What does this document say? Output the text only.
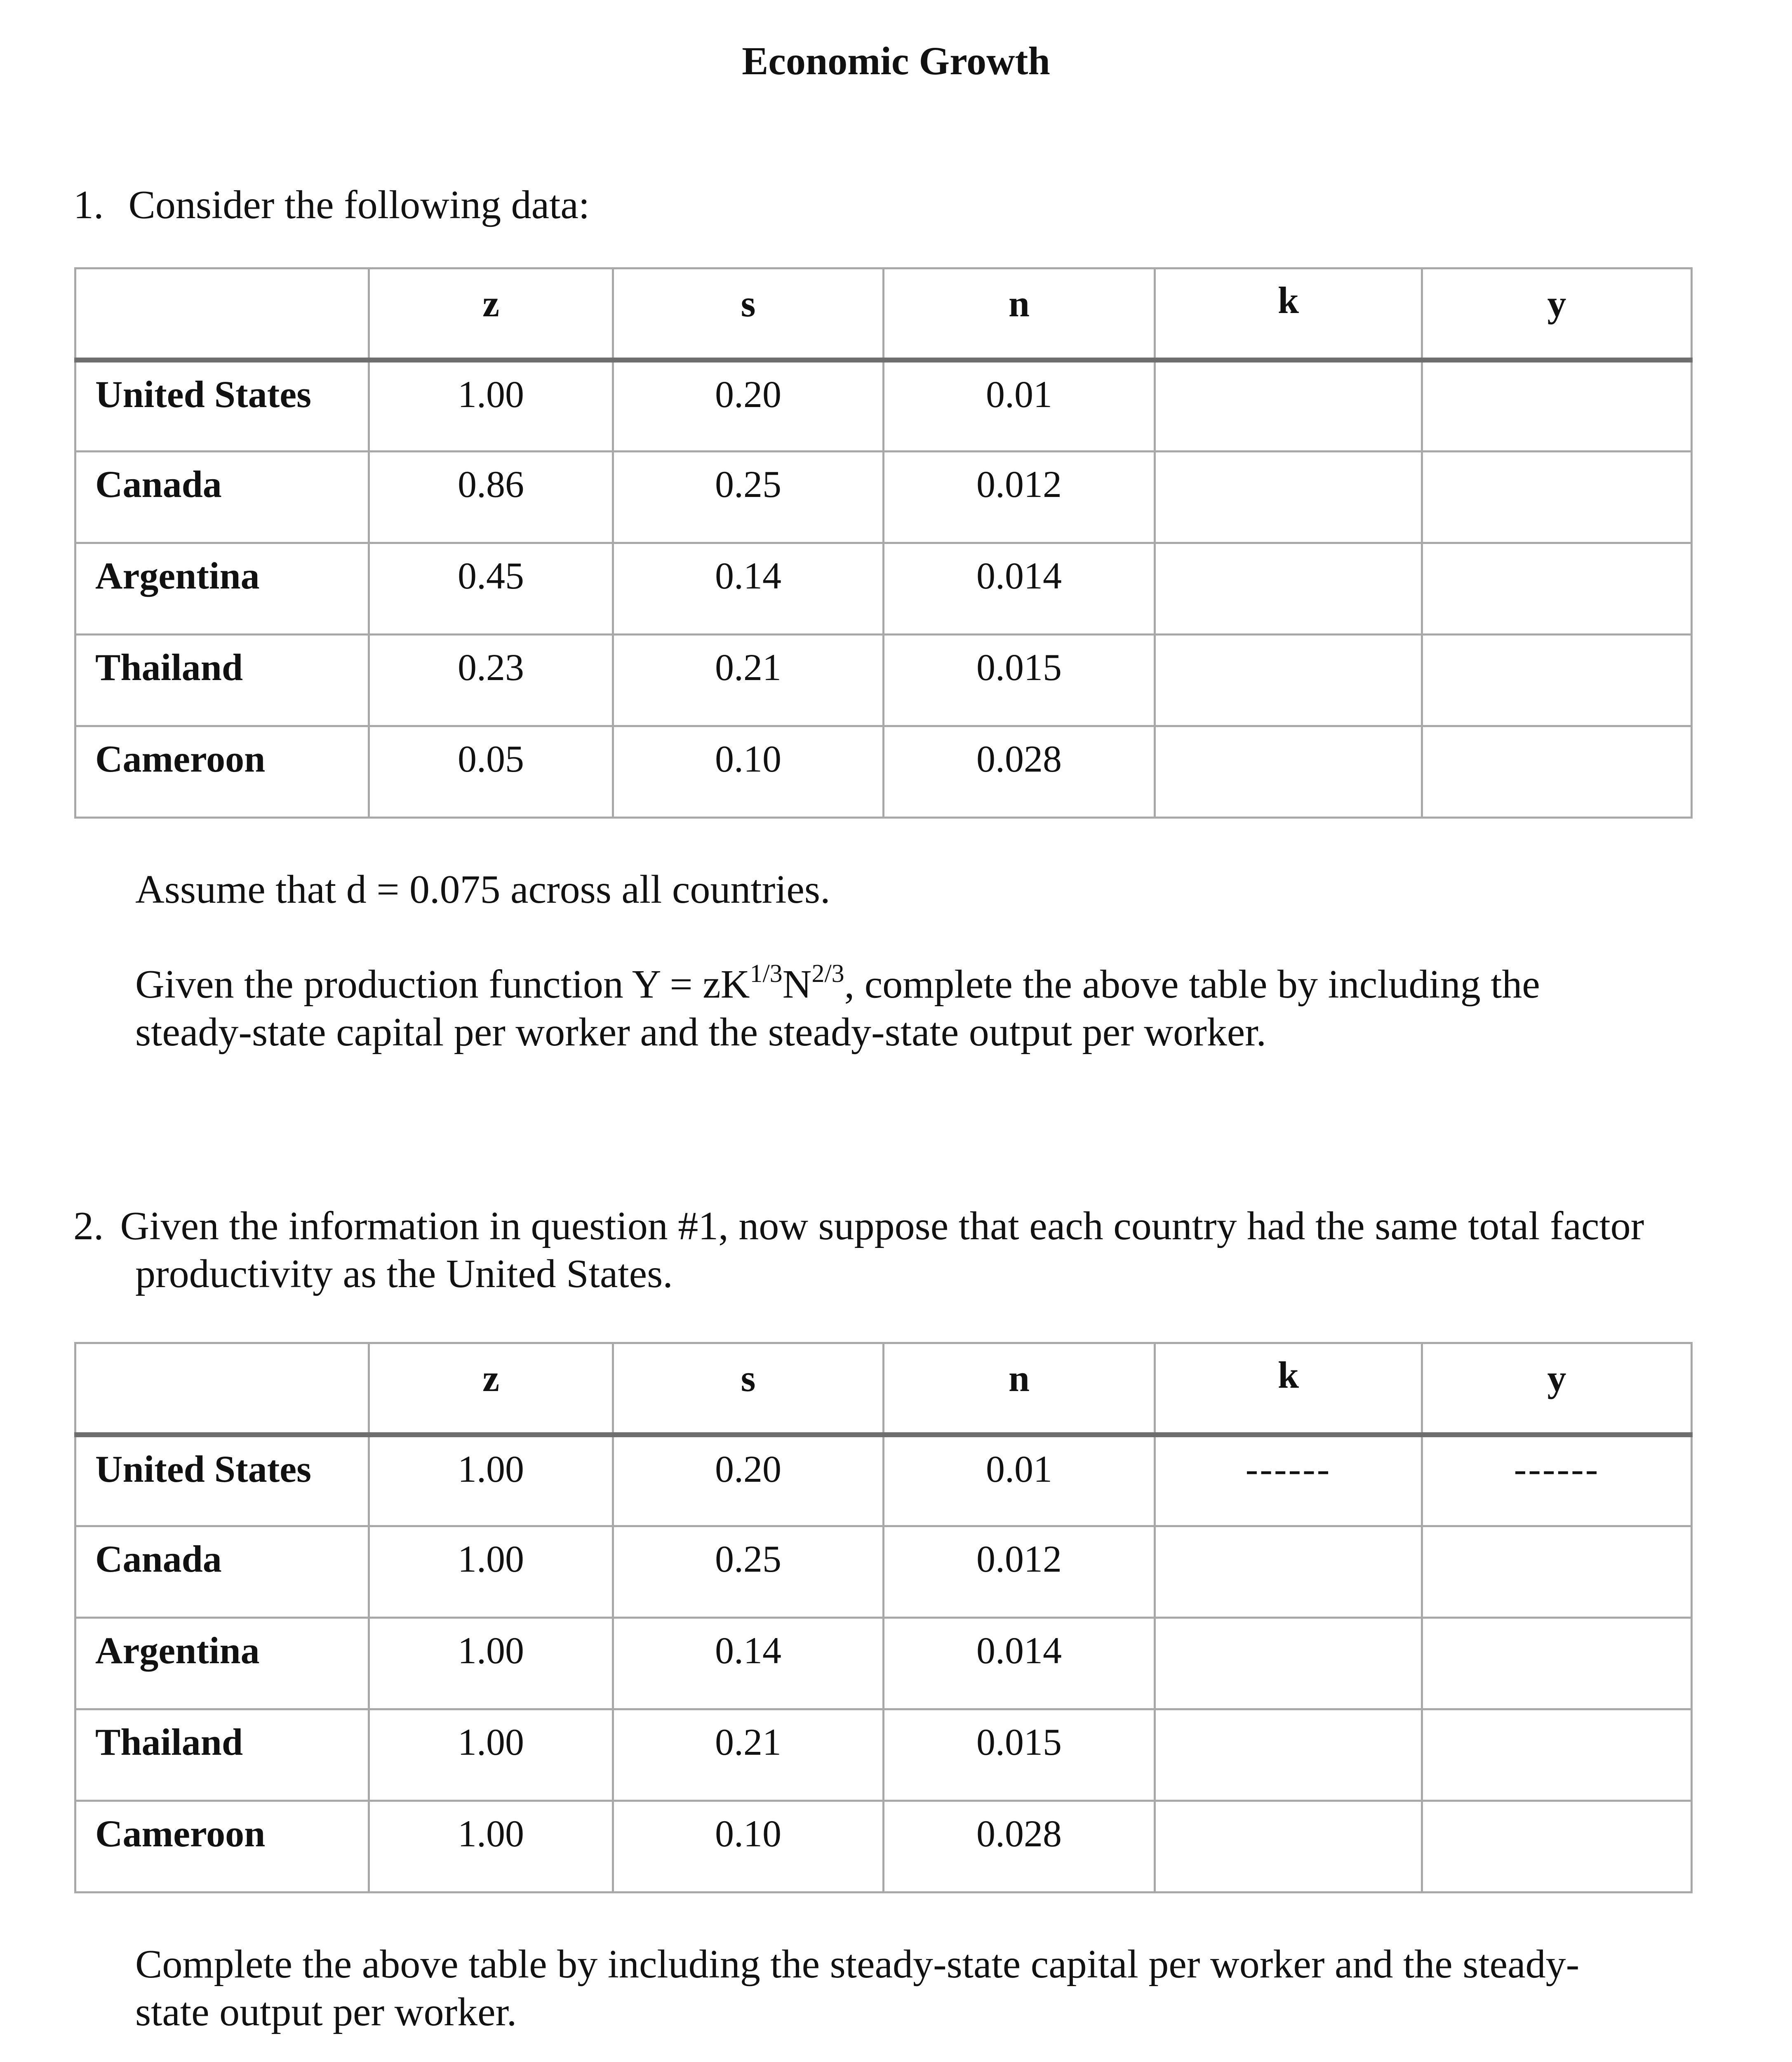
Economic Growth
1. Consider the following data:
	z	s	n	k	y
United States	1.00	0.20	0.01		
Canada	0.86	0.25	0.012		
Argentina	0.45	0.14	0.014		
Thailand	0.23	0.21	0.015		
Cameroon	0.05	0.10	0.028		
Assume that d = 0.075 across all countries.
Given the production function $Y = zK^{1/3}N^{2/3}$, complete the above table by including the
steady-state capital per worker and the steady-state output per worker.
2. Given the information in question #1, now suppose that each country had the same total factor
productivity as the United States.
	z	s	n	k	y
United States	1.00	0.20	0.01	------	------
Canada	1.00	0.25	0.012		
Argentina	1.00	0.14	0.014		
Thailand	1.00	0.21	0.015		
Cameroon	1.00	0.10	0.028		
Complete the above table by including the steady-state capital per worker and the steady-
state output per worker.
